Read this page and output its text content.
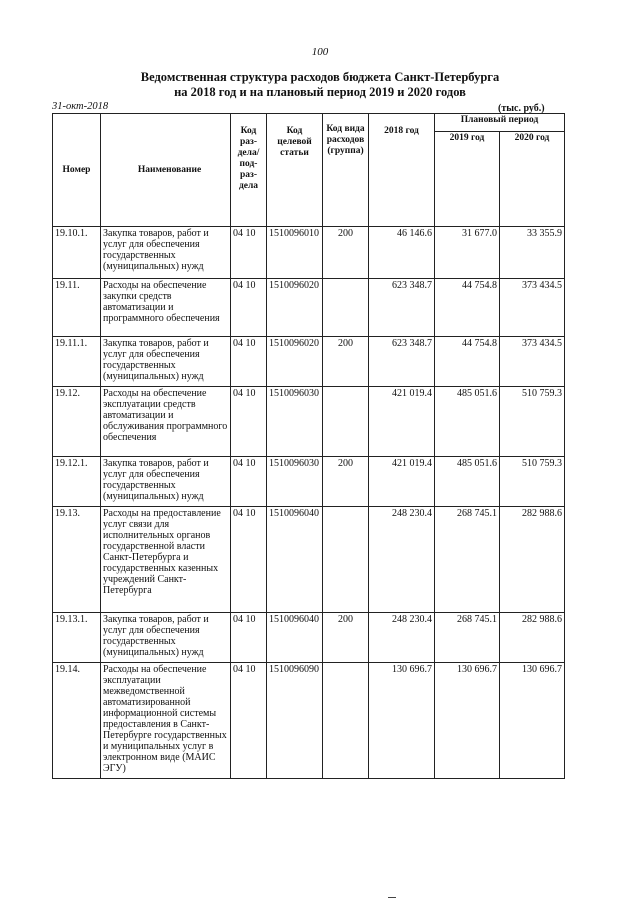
100
Ведомственная структура расходов бюджета Санкт-Петербурга
на 2018 год и на плановый период 2019 и 2020 годов
31-окт-2018	(тыс. руб.)
Номер	Наименование	Код раз-дела/ под-раз-дела	Код целевой статьи	Код вида расходов (группа)	2018 год	Плановый период	
						2019 год	2020 год
19.10.1.	Закупка товаров, работ и услуг для обеспечения государственных (муниципальных) нужд	04 10	1510096010	200	46 146.6	31 677.0	33 355.9
19.11.	Расходы на обеспечение закупки средств автоматизации и программного обеспечения	04 10	1510096020		623 348.7	44 754.8	373 434.5
19.11.1.	Закупка товаров, работ и услуг для обеспечения государственных (муниципальных) нужд	04 10	1510096020	200	623 348.7	44 754.8	373 434.5
19.12.	Расходы на обеспечение эксплуатации средств автоматизации и обслуживания программного обеспечения	04 10	1510096030		421 019.4	485 051.6	510 759.3
19.12.1.	Закупка товаров, работ и услуг для обеспечения государственных (муниципальных) нужд	04 10	1510096030	200	421 019.4	485 051.6	510 759.3
19.13.	Расходы на предоставление услуг связи для исполнительных органов государственной власти Санкт-Петербурга и государственных казенных учреждений Санкт-Петербурга	04 10	1510096040		248 230.4	268 745.1	282 988.6
19.13.1.	Закупка товаров, работ и услуг для обеспечения государственных (муниципальных) нужд	04 10	1510096040	200	248 230.4	268 745.1	282 988.6
19.14.	Расходы на обеспечение эксплуатации межведомственной автоматизированной информационной системы предоставления в Санкт-Петербурге государственных и муниципальных услуг в электронном виде (МАИС ЭГУ)	04 10	1510096090		130 696.7	130 696.7	130 696.7
